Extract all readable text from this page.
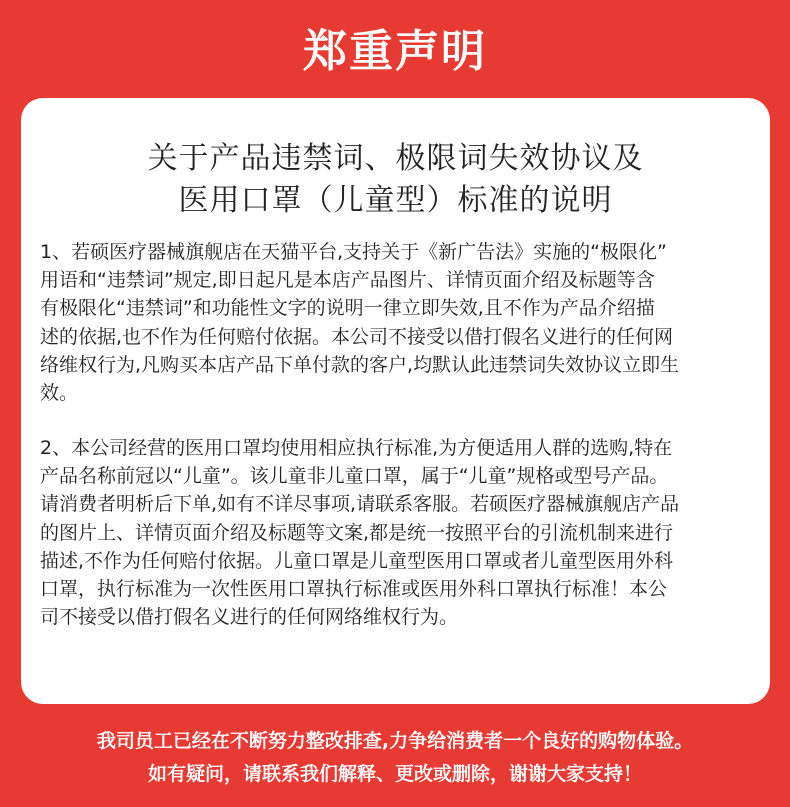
郑重声明
关于产品违禁词、极限词失效协议及
医用口罩（儿童型）标准的说明
1、若硕医疗器械旗舰店在天猫平台,支持关于《新广告法》实施的“极限化”
用语和“违禁词”规定,即日起凡是本店产品图片、详情页面介绍及标题等含
有极限化“违禁词”和功能性文字的说明一律立即失效,且不作为产品介绍描
述的依据,也不作为任何赔付依据。本公司不接受以借打假名义进行的任何网
络维权行为,凡购买本店产品下单付款的客户,均默认此违禁词失效协议立即生
效。
2、本公司经营的医用口罩均使用相应执行标准,为方便适用人群的选购,特在
产品名称前冠以“儿童”。该儿童非儿童口罩，属于“儿童”规格或型号产品。
请消费者明析后下单,如有不详尽事项,请联系客服。若硕医疗器械旗舰店产品
的图片上、详情页面介绍及标题等文案,都是统一按照平台的引流机制来进行
描述,不作为任何赔付依据。儿童口罩是儿童型医用口罩或者儿童型医用外科
口罩，执行标准为一次性医用口罩执行标准或医用外科口罩执行标准！本公
司不接受以借打假名义进行的任何网络维权行为。
我司员工已经在不断努力整改排查,力争给消费者一个良好的购物体验。
如有疑问，请联系我们解释、更改或删除，谢谢大家支持！
